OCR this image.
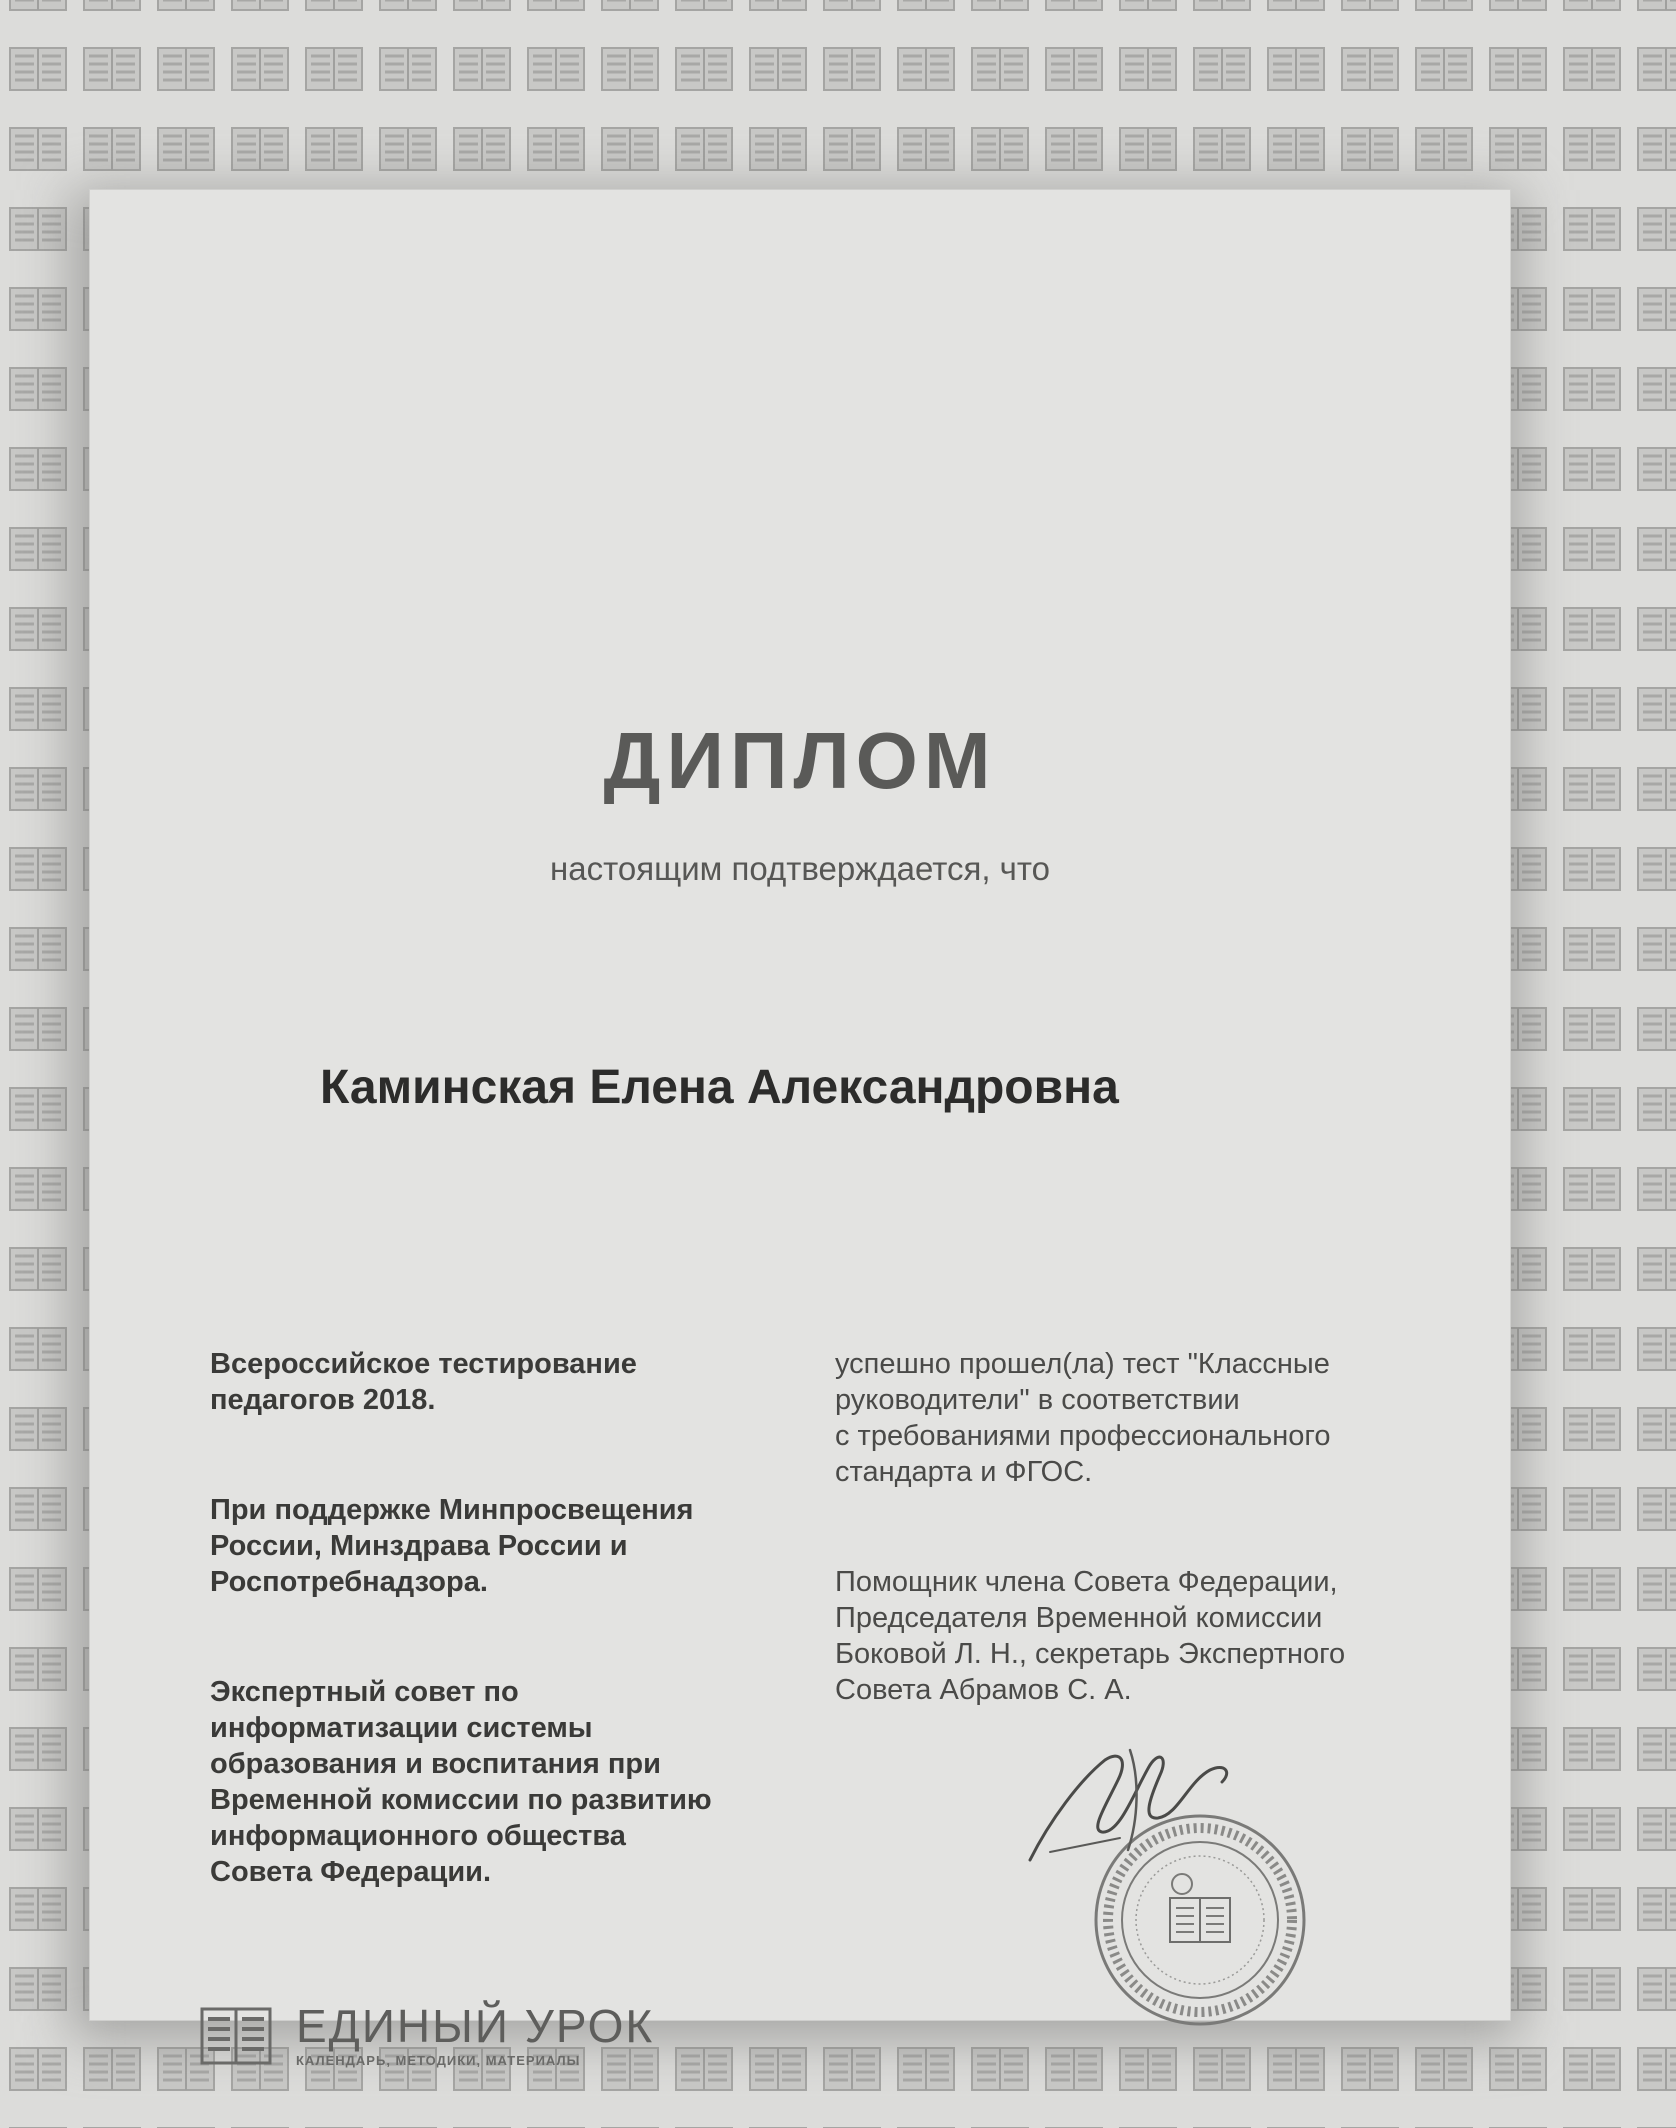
ДИПЛОМ
настоящим подтверждается, что
Каминская Елена Александровна

Всероссийское тестирование
педагогов 2018.

При поддержке Минпросвещения
России, Минздрава России и
Роспотребнадзора.

Экспертный совет по
информатизации системы
образования и воспитания при
Временной комиссии по развитию
информационного общества
Совета Федерации.

успешно прошел(ла) тест "Классные
руководители" в соответствии
с требованиями профессионального
стандарта и ФГОС.

Помощник члена Совета Федерации,
Председателя Временной комиссии
Боковой Л. Н., секретарь Экспертного
Совета Абрамов С. А.

ЕДИНЫЙ УРОК
КАЛЕНДАРЬ, МЕТОДИКИ, МАТЕРИАЛЫ
